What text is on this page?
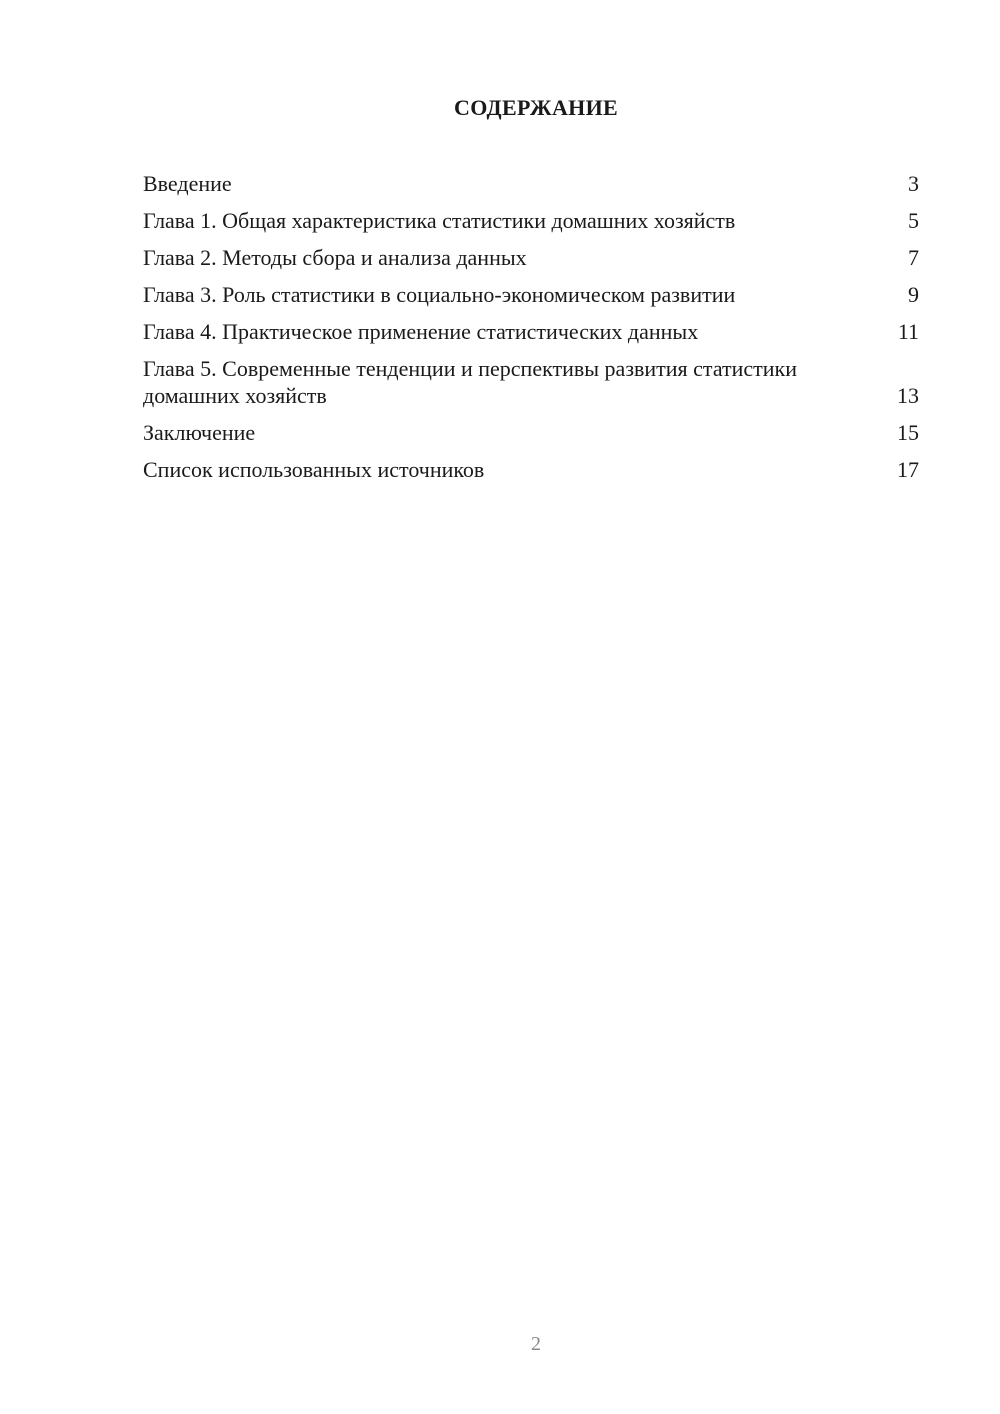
СОДЕРЖАНИЕ
Введение	3
Глава 1. Общая характеристика статистики домашних хозяйств	5
Глава 2. Методы сбора и анализа данных	7
Глава 3. Роль статистики в социально-экономическом развитии	9
Глава 4. Практическое применение статистических данных	11
Глава 5. Современные тенденции и перспективы развития статистики домашних хозяйств	13
Заключение	15
Список использованных источников	17
2
